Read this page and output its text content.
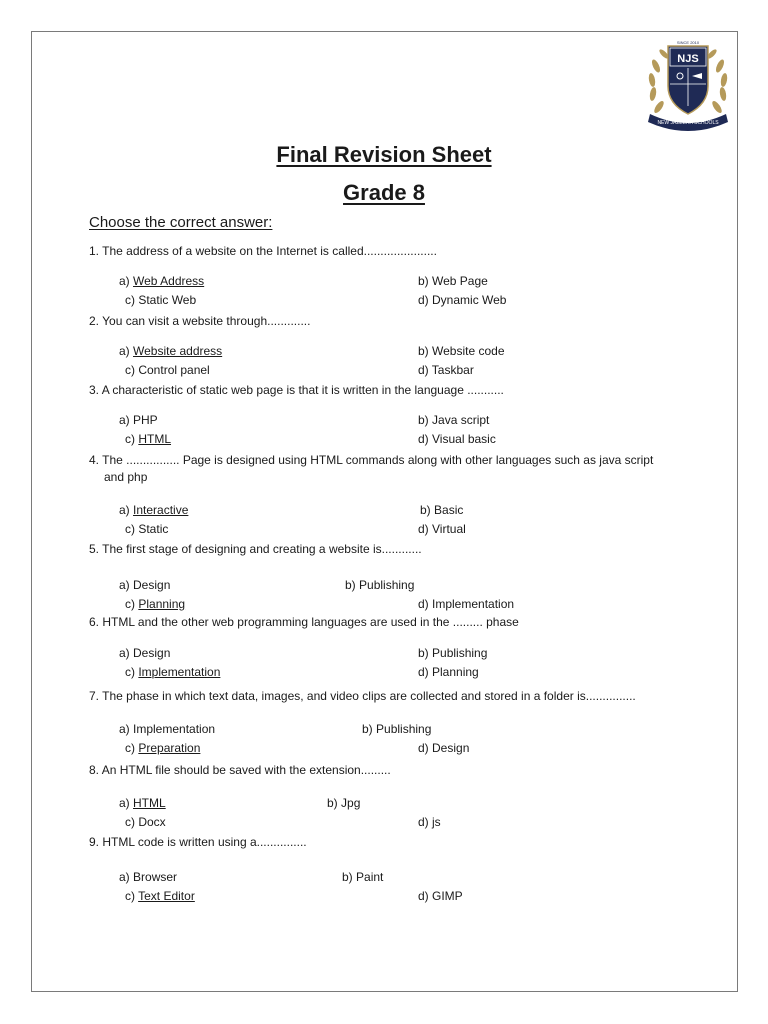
NJS
SINCE 2010
NEW JAZEERA SCHOOLS
Final Revision Sheet
Grade 8
Choose the correct answer:
1. The address of a website on the Internet is called......................
a) Web Address	b) Web Page
c) Static Web	d) Dynamic Web
2. You can visit a website through.............
a) Website address	b) Website code
c) Control panel	d) Taskbar
3. A characteristic of static web page is that it is written in the language ...........
a) PHP	b) Java script
c) HTML	d) Visual basic
4. The ................ Page is designed using HTML commands along with other languages such as java script
and php
a) Interactive	b) Basic
c) Static	d) Virtual
5. The first stage of designing and creating a website is............
a) Design	b) Publishing
c) Planning	d) Implementation
6. HTML and the other web programming languages are used in the ......... phase
a) Design	b) Publishing
c) Implementation	d) Planning
7. The phase in which text data, images, and video clips are collected and stored in a folder is...............
a) Implementation	b) Publishing
c) Preparation	d) Design
8. An HTML file should be saved with the extension.........
a) HTML	b) Jpg
c) Docx	d) js
9. HTML code is written using a...............
a) Browser	b) Paint
c) Text Editor	d) GIMP
